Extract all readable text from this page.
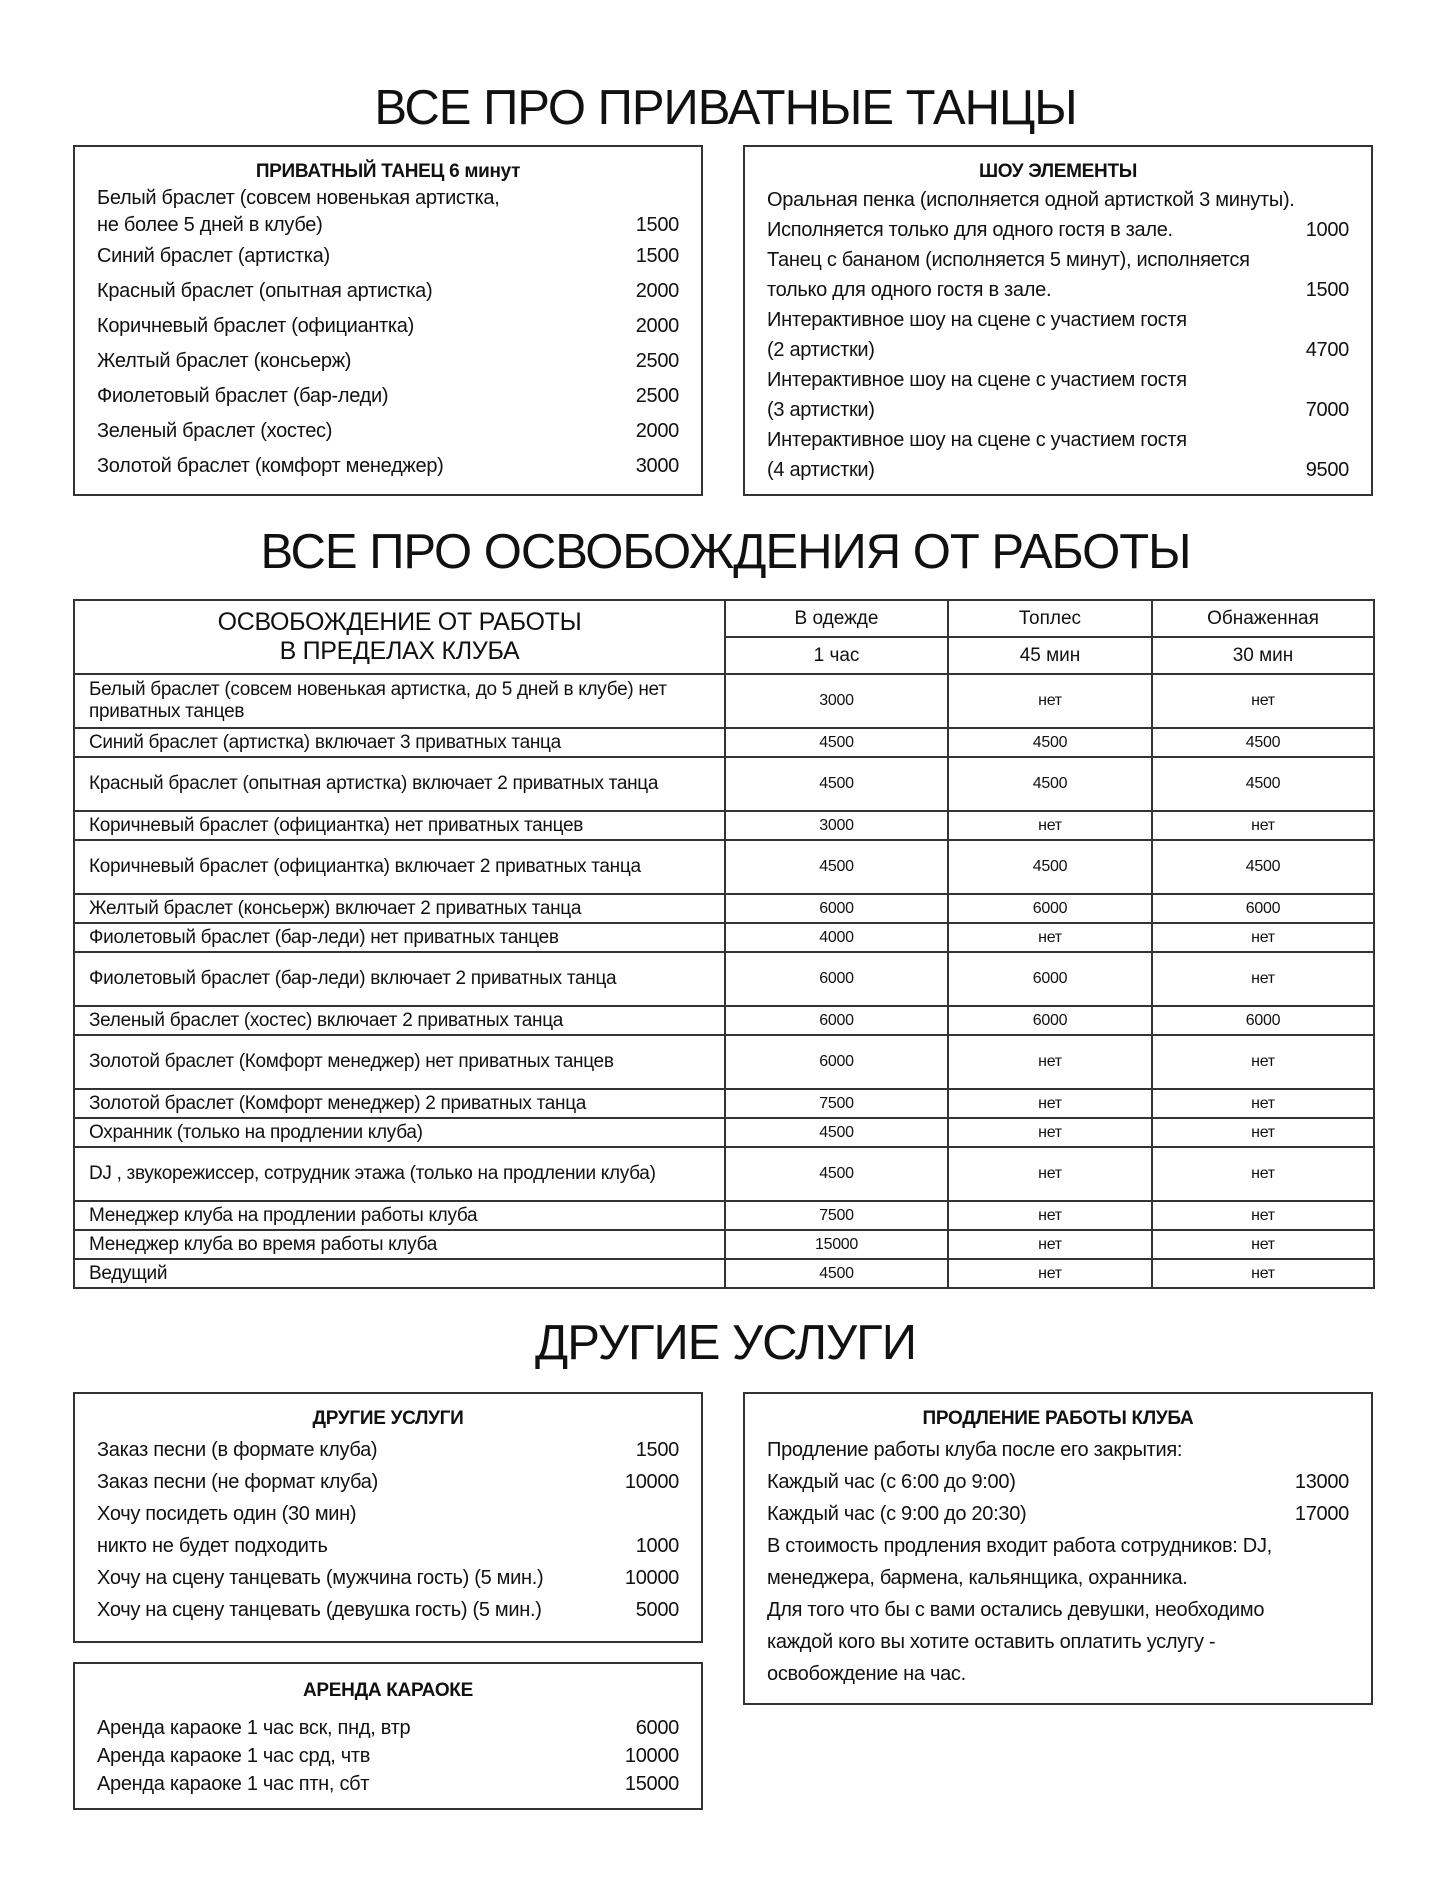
ВСЕ ПРО ПРИВАТНЫЕ ТАНЦЫ
ПРИВАТНЫЙ ТАНЕЦ 6 минут
Белый браслет (совсем новенькая артистка,
не более 5 дней в клубе)	1500
Синий браслет (артистка)	1500
Красный браслет (опытная артистка)	2000
Коричневый браслет (официантка)	2000
Желтый браслет (консьерж)	2500
Фиолетовый браслет (бар-леди)	2500
Зеленый браслет (хостес)	2000
Золотой браслет (комфорт менеджер)	3000
ШОУ ЭЛЕМЕНТЫ
Оральная пенка (исполняется одной артисткой 3 минуты).
Исполняется только для одного гостя в зале.	1000
Танец с бананом (исполняется 5 минут), исполняется
только для одного гостя в зале.	1500
Интерактивное шоу на сцене с участием гостя
(2 артистки)	4700
Интерактивное шоу на сцене с участием гостя
(3 артистки)	7000
Интерактивное шоу на сцене с участием гостя
(4 артистки)	9500
ВСЕ ПРО ОСВОБОЖДЕНИЯ ОТ РАБОТЫ
ОСВОБОЖДЕНИЕ ОТ РАБОТЫ
В ПРЕДЕЛАХ КЛУБА	В одежде	Топлес	Обнаженная
	1 час	45 мин	30 мин
Белый браслет (совсем новенькая артистка, до 5 дней в клубе) нет приватных танцев	3000	нет	нет
Синий браслет (артистка) включает 3 приватных танца	4500	4500	4500
Красный браслет (опытная артистка) включает 2 приватных танца	4500	4500	4500
Коричневый браслет (официантка) нет приватных танцев	3000	нет	нет
Коричневый браслет (официантка) включает 2 приватных танца	4500	4500	4500
Желтый браслет (консьерж) включает 2 приватных танца	6000	6000	6000
Фиолетовый браслет (бар-леди) нет приватных танцев	4000	нет	нет
Фиолетовый браслет (бар-леди) включает 2 приватных танца	6000	6000	нет
Зеленый браслет (хостес) включает 2 приватных танца	6000	6000	6000
Золотой браслет (Комфорт менеджер) нет приватных танцев	6000	нет	нет
Золотой браслет (Комфорт менеджер) 2 приватных танца	7500	нет	нет
Охранник (только на продлении клуба)	4500	нет	нет
DJ , звукорежиссер, сотрудник этажа (только на продлении клуба)	4500	нет	нет
Менеджер клуба на продлении работы клуба	7500	нет	нет
Менеджер клуба во время работы клуба	15000	нет	нет
Ведущий	4500	нет	нет
ДРУГИЕ УСЛУГИ
ДРУГИЕ УСЛУГИ
Заказ песни (в формате клуба)	1500
Заказ песни (не формат клуба)	10000
Хочу посидеть один (30 мин)
никто не будет подходить	1000
Хочу на сцену танцевать (мужчина гость) (5 мин.)	10000
Хочу на сцену танцевать (девушка гость) (5 мин.)	5000
АРЕНДА КАРАОКЕ
Аренда караоке 1 час вск, пнд, втр	6000
Аренда караоке 1 час срд, чтв	10000
Аренда караоке 1 час птн, сбт	15000
ПРОДЛЕНИЕ РАБОТЫ КЛУБА
Продление работы клуба после его закрытия:
Каждый час (с 6:00 до 9:00)	13000
Каждый час (с 9:00 до 20:30)	17000
В стоимость продления входит работа сотрудников: DJ,
менеджера, бармена, кальянщика, охранника.
Для того что бы с вами остались девушки, необходимо
каждой кого вы хотите оставить оплатить услугу -
освобождение на час.
